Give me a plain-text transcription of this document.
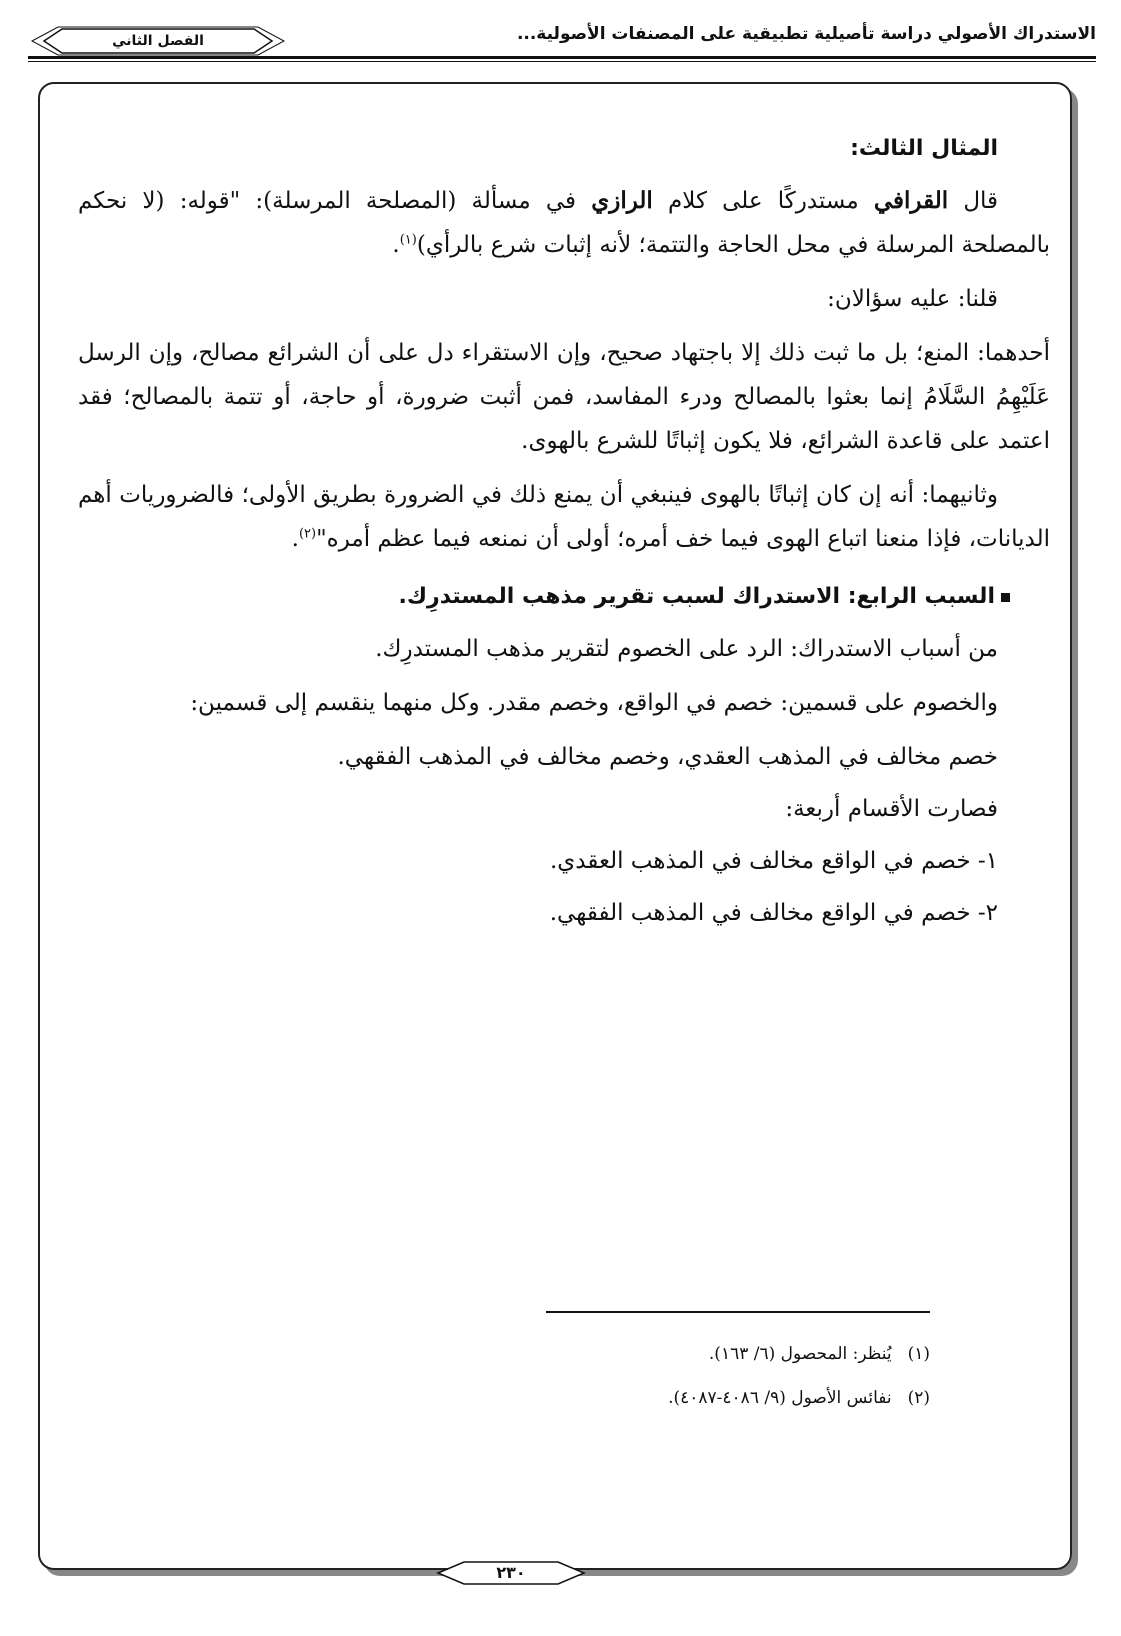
الاستدراك الأصولي دراسة تأصيلية تطبيقية على المصنفات الأصولية...
الفصل الثاني
المثال الثالث:

قال القرافي مستدركًا على كلام الرازي في مسألة (المصلحة المرسلة): "قوله: (لا نحكم بالمصلحة المرسلة في محل الحاجة والتتمة؛ لأنه إثبات شرع بالرأي)$^{(١)}$.

قلنا: عليه سؤالان:

أحدهما: المنع؛ بل ما ثبت ذلك إلا باجتهاد صحيح، وإن الاستقراء دل على أن الشرائع مصالح، وإن الرسل عَلَيْهِمُ السَّلَامُ إنما بعثوا بالمصالح ودرء المفاسد، فمن أثبت ضرورة، أو حاجة، أو تتمة بالمصالح؛ فقد اعتمد على قاعدة الشرائع، فلا يكون إثباتًا للشرع بالهوى.

وثانيهما: أنه إن كان إثباتًا بالهوى فينبغي أن يمنع ذلك في الضرورة بطريق الأولى؛ فالضروريات أهم الديانات، فإذا منعنا اتباع الهوى فيما خف أمره؛ أولى أن نمنعه فيما عظم أمره"$^{(٢)}$.

السبب الرابع: الاستدراك لسبب تقرير مذهب المستدرِك.

من أسباب الاستدراك: الرد على الخصوم لتقرير مذهب المستدرِك.

والخصوم على قسمين: خصم في الواقع، وخصم مقدر. وكل منهما ينقسم إلى قسمين:

خصم مخالف في المذهب العقدي، وخصم مخالف في المذهب الفقهي.
فصارت الأقسام أربعة:
١- خصم في الواقع مخالف في المذهب العقدي.
٢- خصم في الواقع مخالف في المذهب الفقهي.
(١)يُنظر: المحصول (٦/ ١٦٣).
(٢)نفائس الأصول (٩/ ٤٠٨٦-٤٠٨٧).
٢٣٠
